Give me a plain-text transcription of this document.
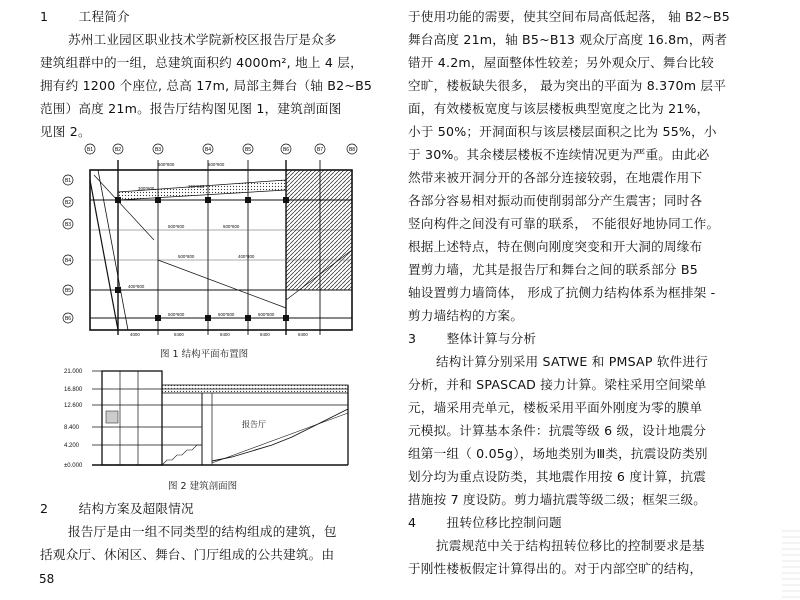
1 工程简介
苏州工业园区职业技术学院新校区报告厅是众多
建筑组群中的一组，总建筑面积约 4000m², 地上 4 层，
拥有约 1200 个座位, 总高 17m, 局部主舞台（轴 B2~B5
范围）高度 21m。报告厅结构图见图 1，建筑剖面图
见图 2。
B1
B2
B3
B4
B5
B6
B1	B2	B3	B4	B5	B6	B7	B8
500*800	500*800
300*900	250*850
500*800	500*800
500*800	400*800
400*800
500*800	500*800	500*800
4000	8400	8400	8400	8400
图 1 结构平面布置图
21.000
16.800
12.600
8.400
4.200
±0.000
报告厅
图 2 建筑剖面图
2 结构方案及超限情况
报告厅是由一组不同类型的结构组成的建筑，包
括观众厅、休闲区、舞台、门厅组成的公共建筑。由
58
于使用功能的需要，使其空间布局高低起落， 轴 B2~B5
舞台高度 21m，轴 B5~B13 观众厅高度 16.8m，两者
错开 4.2m，屋面整体性较差；另外观众厅、舞台比较
空旷，楼板缺失很多， 最为突出的平面为 8.370m 层平
面，有效楼板宽度与该层楼板典型宽度之比为 21%，
小于 50%；开洞面积与该层楼层面积之比为 55%，小
于 30%。其余楼层楼板不连续情况更为严重。由此必
然带来被开洞分开的各部分连接较弱，在地震作用下
各部分容易相对振动而使削弱部分产生震害；同时各
竖向构件之间没有可靠的联系， 不能很好地协同工作。
根据上述特点，特在侧向刚度突变和开大洞的周缘布
置剪力墙，尤其是报告厅和舞台之间的联系部分 B5
轴设置剪力墙筒体， 形成了抗侧力结构体系为框排架 -
剪力墙结构的方案。
3 整体计算与分析
结构计算分别采用 SATWE 和 PMSAP 软件进行
分析，并和 SPASCAD 接力计算。梁柱采用空间梁单
元，墙采用壳单元，楼板采用平面外刚度为零的膜单
元模拟。计算基本条件：抗震等级 6 级，设计地震分
组第一组（ 0.05g），场地类别为Ⅲ类，抗震设防类别
划分均为重点设防类，其地震作用按 6 度计算，抗震
措施按 7 度设防。剪力墙抗震等级二级；框架三级。
4 扭转位移比控制问题
抗震规范中关于结构扭转位移比的控制要求是基
于刚性楼板假定计算得出的。对于内部空旷的结构，
